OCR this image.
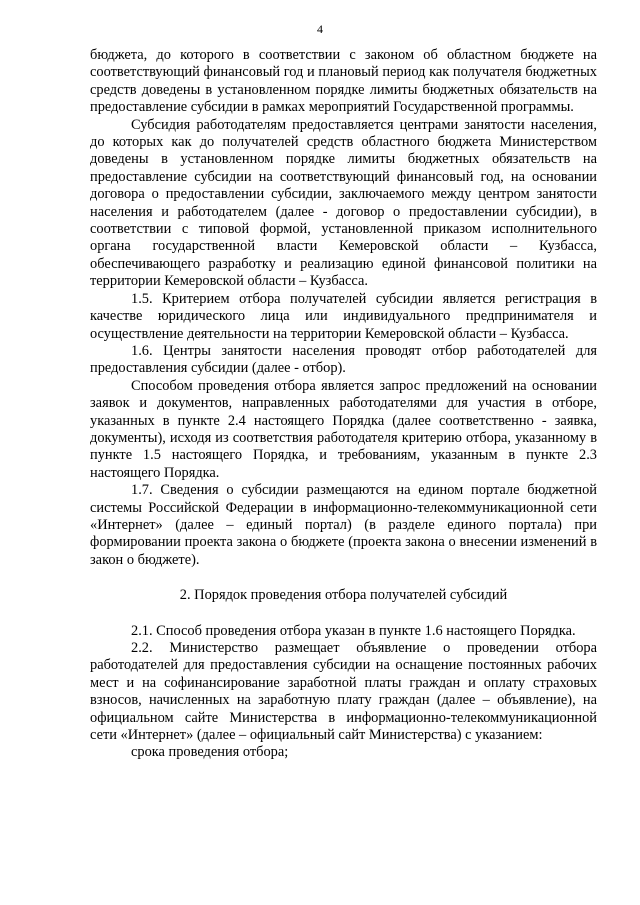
4

бюджета, до которого в соответствии с законом об областном бюджете на соответствующий финансовый год и плановый период как получателя бюджетных средств доведены в установленном порядке лимиты бюджетных обязательств на предоставление субсидии в рамках мероприятий Государственной программы.

Субсидия работодателям предоставляется центрами занятости населения, до которых как до получателей средств областного бюджета Министерством доведены в установленном порядке лимиты бюджетных обязательств на предоставление субсидии на соответствующий финансовый год, на основании договора о предоставлении субсидии, заключаемого между центром занятости населения и работодателем (далее - договор о предоставлении субсидии), в соответствии с типовой формой, установленной приказом исполнительного органа государственной власти Кемеровской области – Кузбасса, обеспечивающего разработку и реализацию единой финансовой политики на территории Кемеровской области – Кузбасса.

1.5. Критерием отбора получателей субсидии является регистрация в качестве юридического лица или индивидуального предпринимателя и осуществление деятельности на территории Кемеровской области – Кузбасса.

1.6. Центры занятости населения проводят отбор работодателей для предоставления субсидии (далее - отбор).

Способом проведения отбора является запрос предложений на основании заявок и документов, направленных работодателями для участия в отборе, указанных в пункте 2.4 настоящего Порядка (далее соответственно - заявка, документы), исходя из соответствия работодателя критерию отбора, указанному в пункте 1.5 настоящего Порядка, и требованиям, указанным в пункте 2.3 настоящего Порядка.

1.7. Сведения о субсидии размещаются на едином портале бюджетной системы Российской Федерации в информационно-телекоммуникационной сети «Интернет» (далее – единый портал) (в разделе единого портала) при формировании проекта закона о бюджете (проекта закона о внесении изменений в закон о бюджете).

2. Порядок проведения отбора получателей субсидий

2.1. Способ проведения отбора указан в пункте 1.6 настоящего Порядка.

2.2. Министерство размещает объявление о проведении отбора работодателей для предоставления субсидии на оснащение постоянных рабочих мест и на софинансирование заработной платы граждан и оплату страховых взносов, начисленных на заработную плату граждан (далее – объявление), на официальном сайте Министерства в информационно-телекоммуникационной сети «Интернет» (далее – официальный сайт Министерства) с указанием:

срока проведения отбора;
